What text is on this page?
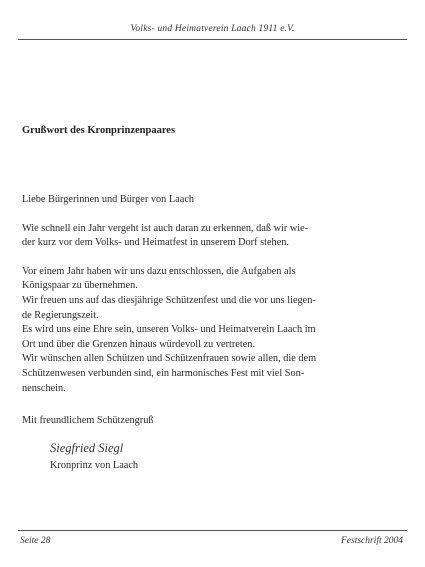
Volks- und Heimatverein Laach 1911 e.V.
Grußwort des Kronprinzenpaares

Liebe Bürgerinnen und Bürger von Laach

Wie schnell ein Jahr vergeht ist auch daran zu erkennen, daß wir wie-
der kurz vor dem Volks- und Heimatfest in unserem Dorf stehen.

Vor einem Jahr haben wir uns dazu entschlossen, die Aufgaben als
Königspaar zu übernehmen.
Wir freuen uns auf das diesjährige Schützenfest und die vor uns liegen-
de Regierungszeit.
Es wird uns eine Ehre sein, unseren Volks- und Heimatverein Laach im
Ort und über die Grenzen hinaus würdevoll zu vertreten.
Wir wünschen allen Schützen und Schützenfrauen sowie allen, die dem
Schützenwesen verbunden sind, ein harmonisches Fest mit viel Son-
nenschein.

Mit freundlichem Schützengruß
Siegfried Siegl
Kronprinz von Laach
Seite 28	Festschrift 2004
